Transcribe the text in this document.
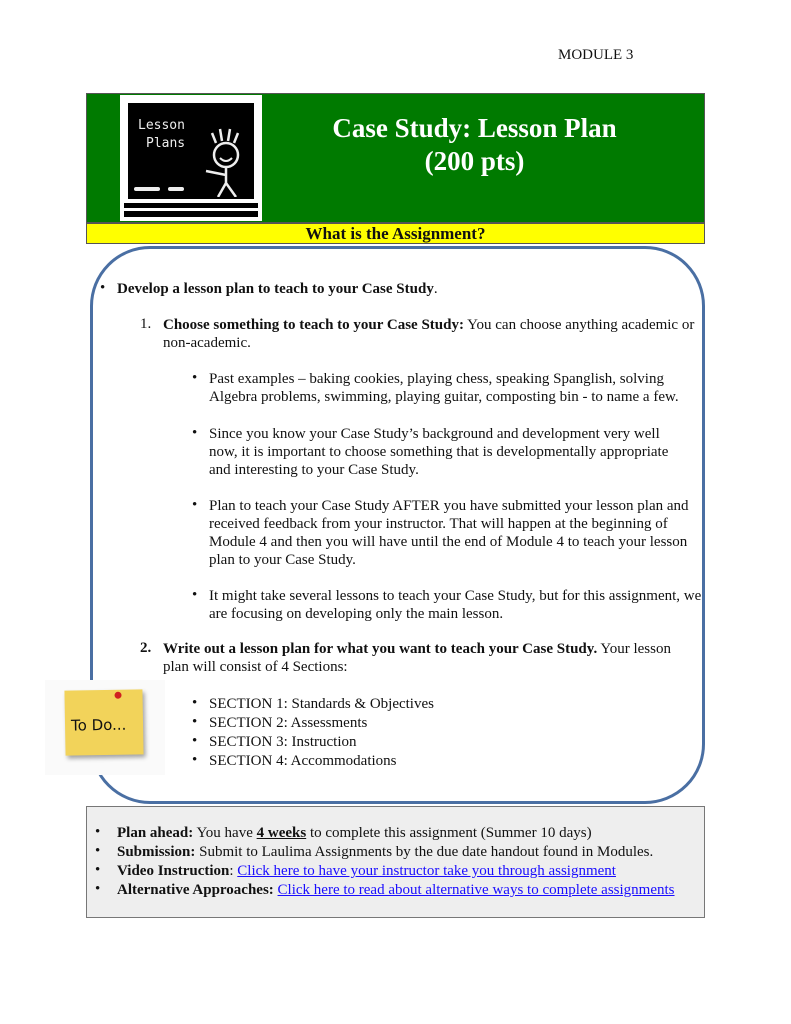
MODULE 3
Lesson
Plans
Case Study: Lesson Plan
(200 pts)
What is the Assignment?
•

Develop a lesson plan to teach to your Case Study.

1. Choose something to teach to your Case Study: You can choose anything academic or non-academic.

•

Past examples – baking cookies, playing chess, speaking Spanglish, solving Algebra problems, swimming, playing guitar, composting bin - to name a few.

•

Since you know your Case Study’s background and development very well now, it is important to choose something that is developmentally appropriate and interesting to your Case Study.

•

Plan to teach your Case Study AFTER you have submitted your lesson plan and received feedback from your instructor. That will happen at the beginning of Module 4 and then you will have until the end of Module 4 to teach your lesson plan to your Case Study.

•

It might take several lessons to teach your Case Study, but for this assignment, we are focusing on developing only the main lesson.

2. Write out a lesson plan for what you want to teach your Case Study. Your lesson plan will consist of 4 Sections:

•

SECTION 1: Standards & Objectives

•

SECTION 2: Assessments

•

SECTION 3: Instruction

•

SECTION 4: Accommodations

To Do...
•

Plan ahead: You have 4 weeks to complete this assignment (Summer 10 days)

•

Submission: Submit to Laulima Assignments by the due date handout found in Modules.

•

Video Instruction: Click here to have your instructor take you through assignment

•

Alternative Approaches: Click here to read about alternative ways to complete assignments
